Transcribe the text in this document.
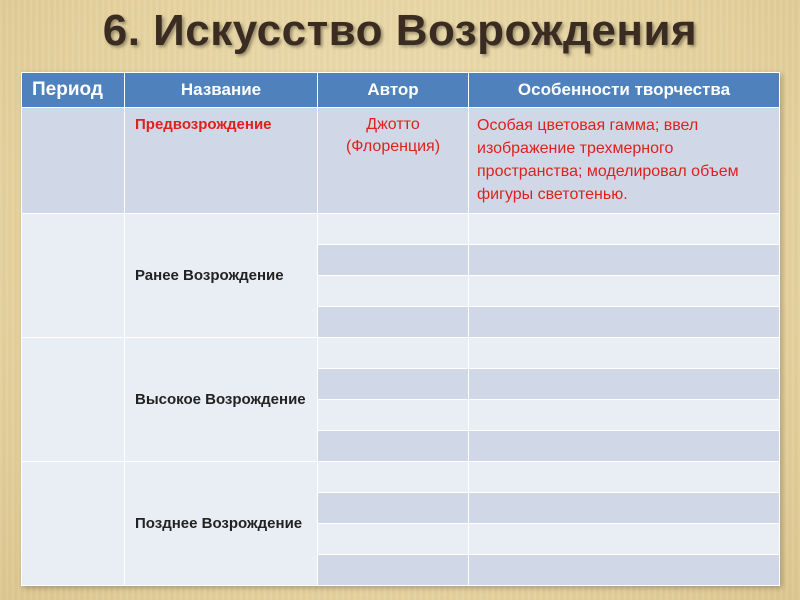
6. Искусство Возрождения
Период	Название	Автор	Особенности творчества
	Предвозрождение	Джотто (Флоренция)	Особая цветовая гамма; ввел изображение трехмерного пространства; моделировал объем фигуры светотенью.
	Ранее Возрождение		

	Высокое Возрождение		

	Позднее Возрождение		
